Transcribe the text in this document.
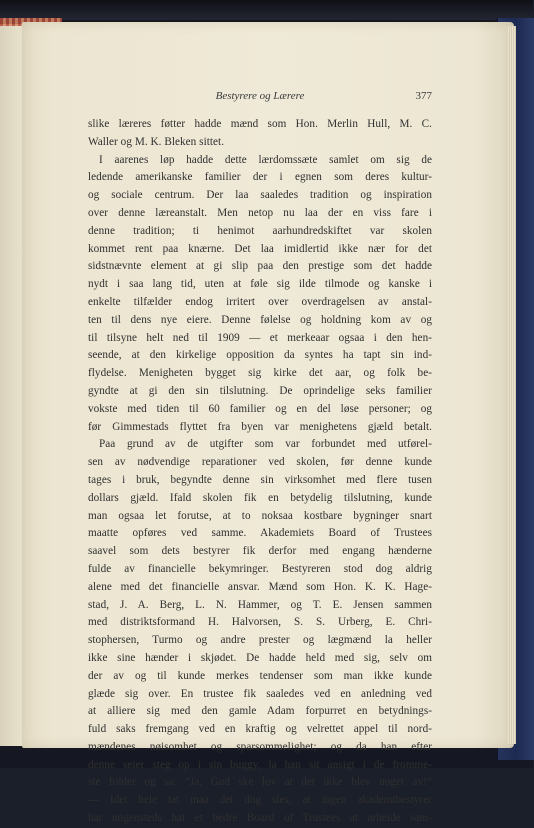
Bestyrere og Lærere	377
slike læreres føtter hadde mænd som Hon. Merlin Hull, M. C.
Waller og M. K. Bleken sittet.
I aarenes løp hadde dette lærdomssæte samlet om sig de
ledende amerikanske familier der i egnen som deres kultur-
og sociale centrum. Der laa saaledes tradition og inspiration
over denne læreanstalt. Men netop nu laa der en viss fare i
denne tradition; ti henimot aarhundredskiftet var skolen
kommet rent paa knærne. Det laa imidlertid ikke nær for det
sidstnævnte element at gi slip paa den prestige som det hadde
nydt i saa lang tid, uten at føle sig ilde tilmode og kanske i
enkelte tilfælder endog irritert over overdragelsen av anstal-
ten til dens nye eiere. Denne følelse og holdning kom av og
til tilsyne helt ned til 1909 — et merkeaar ogsaa i den hen-
seende, at den kirkelige opposition da syntes ha tapt sin ind-
flydelse. Menigheten bygget sig kirke det aar, og folk be-
gyndte at gi den sin tilslutning. De oprindelige seks familier
vokste med tiden til 60 familier og en del løse personer; og
før Gimmestads flyttet fra byen var menighetens gjæld betalt.
Paa grund av de utgifter som var forbundet med utførel-
sen av nødvendige reparationer ved skolen, før denne kunde
tages i bruk, begyndte denne sin virksomhet med flere tusen
dollars gjæld. Ifald skolen fik en betydelig tilslutning, kunde
man ogsaa let forutse, at to noksaa kostbare bygninger snart
maatte opføres ved samme. Akademiets Board of Trustees
saavel som dets bestyrer fik derfor med engang hænderne
fulde av financielle bekymringer. Bestyreren stod dog aldrig
alene med det financielle ansvar. Mænd som Hon. K. K. Hage-
stad, J. A. Berg, L. N. Hammer, og T. E. Jensen sammen
med distriktsformand H. Halvorsen, S. S. Urberg, E. Chri-
stophersen, Turmo og andre prester og lægmænd la heller
ikke sine hænder i skjødet. De hadde held med sig, selv om
der av og til kunde merkes tendenser som man ikke kunde
glæde sig over. En trustee fik saaledes ved en anledning ved
at alliere sig med den gamle Adam forpurret en betydnings-
fuld saks fremgang ved en kraftig og velrettet appel til nord-
mændenes nøisomhet og sparsommelighet; og da han efter
denne seier steg op i sin buggy, la han sit ansigt i de fromme-
ste folder og sa: “Ja, Gud ske lov at det ikke blev noget av!”
— Idet hele tat maa det dog sies, at ingen akademibestyrer
har nogensteds hat et bedre Board of Trustees at arbeide sam-
